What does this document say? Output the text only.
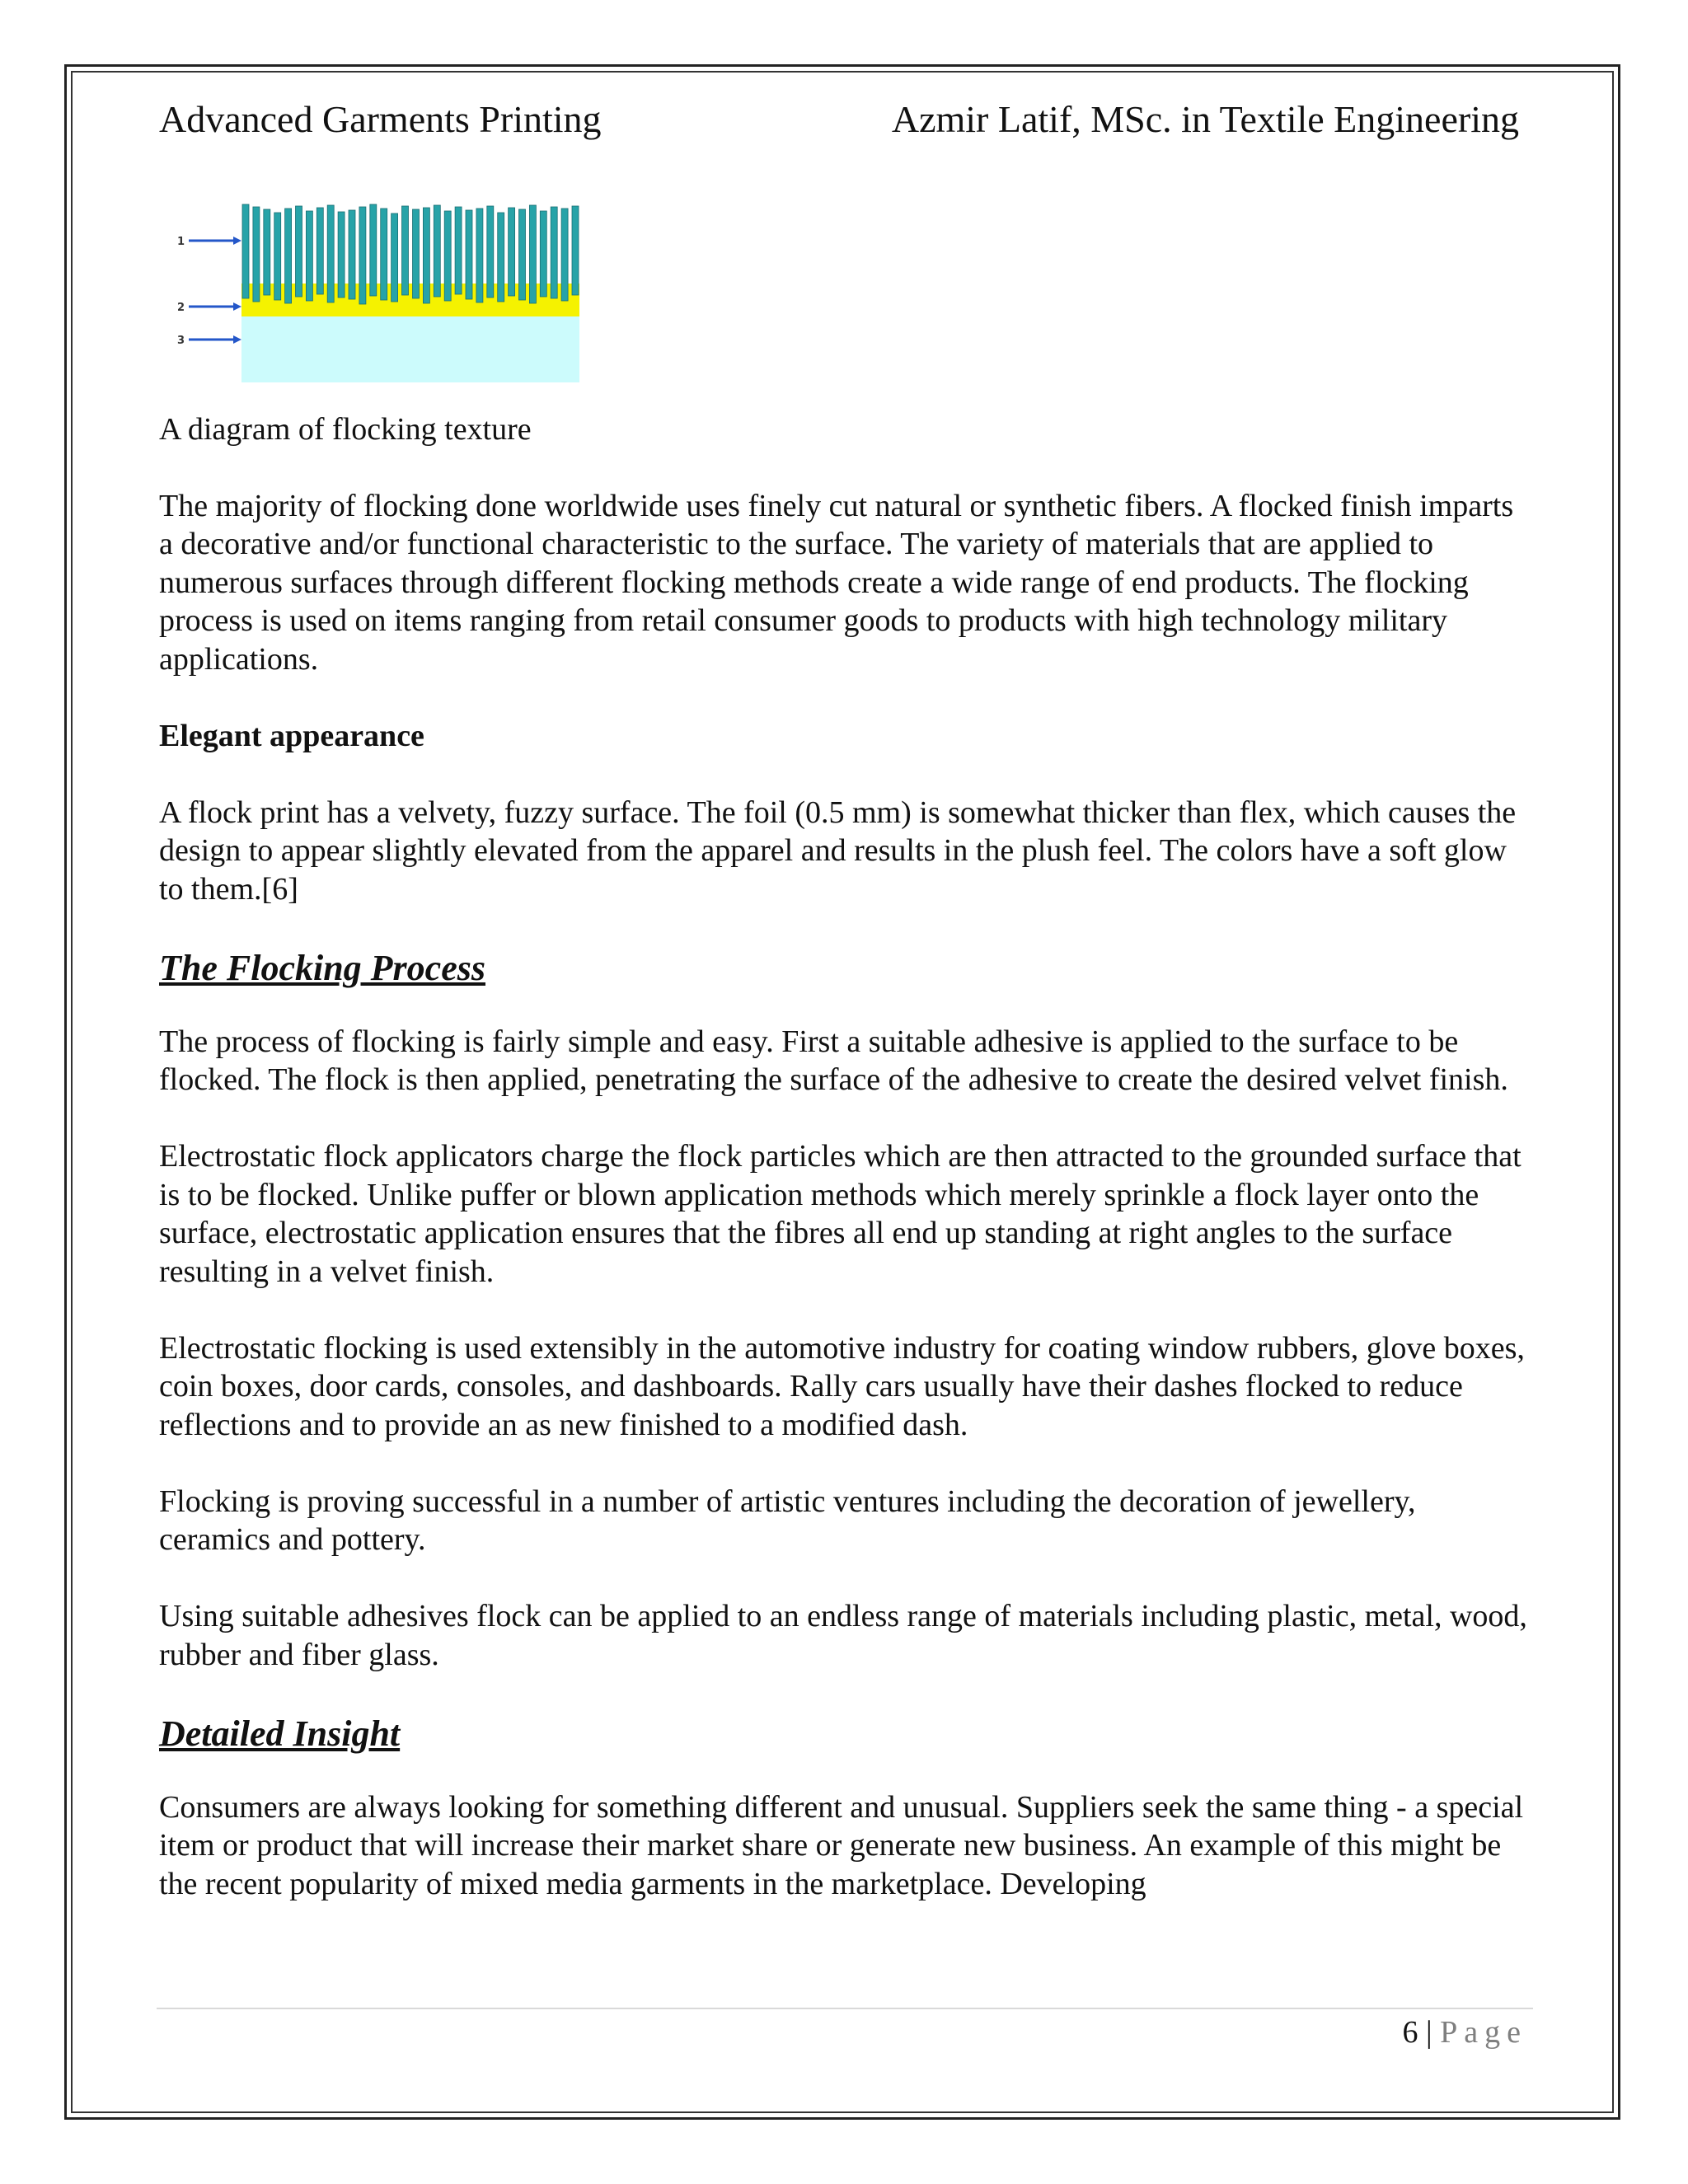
Advanced Garments Printing	Azmir Latif, MSc. in Textile Engineering
1
2
3

A diagram of flocking texture

The majority of flocking done worldwide uses finely cut natural or synthetic fibers. A flocked finish imparts a decorative and/or functional characteristic to the surface. The variety of materials that are applied to numerous surfaces through different flocking methods create a wide range of end products. The flocking process is used on items ranging from retail consumer goods to products with high technology military applications.

Elegant appearance

A flock print has a velvety, fuzzy surface. The foil (0.5 mm) is somewhat thicker than flex, which causes the design to appear slightly elevated from the apparel and results in the plush feel. The colors have a soft glow to them.[6]

The Flocking Process

The process of flocking is fairly simple and easy. First a suitable adhesive is applied to the surface to be flocked. The flock is then applied, penetrating the surface of the adhesive to create the desired velvet finish.

Electrostatic flock applicators charge the flock particles which are then attracted to the grounded surface that is to be flocked. Unlike puffer or blown application methods which merely sprinkle a flock layer onto the surface, electrostatic application ensures that the fibres all end up standing at right angles to the surface resulting in a velvet finish.

Electrostatic flocking is used extensibly in the automotive industry for coating window rubbers, glove boxes, coin boxes, door cards, consoles, and dashboards. Rally cars usually have their dashes flocked to reduce reflections and to provide an as new finished to a modified dash.

Flocking is proving successful in a number of artistic ventures including the decoration of jewellery, ceramics and pottery.

Using suitable adhesives flock can be applied to an endless range of materials including plastic, metal, wood, rubber and fiber glass.

Detailed Insight

Consumers are always looking for something different and unusual. Suppliers seek the same thing - a special item or product that will increase their market share or generate new business. An example of this might be the recent popularity of mixed media garments in the marketplace. Developing

6 | Page
